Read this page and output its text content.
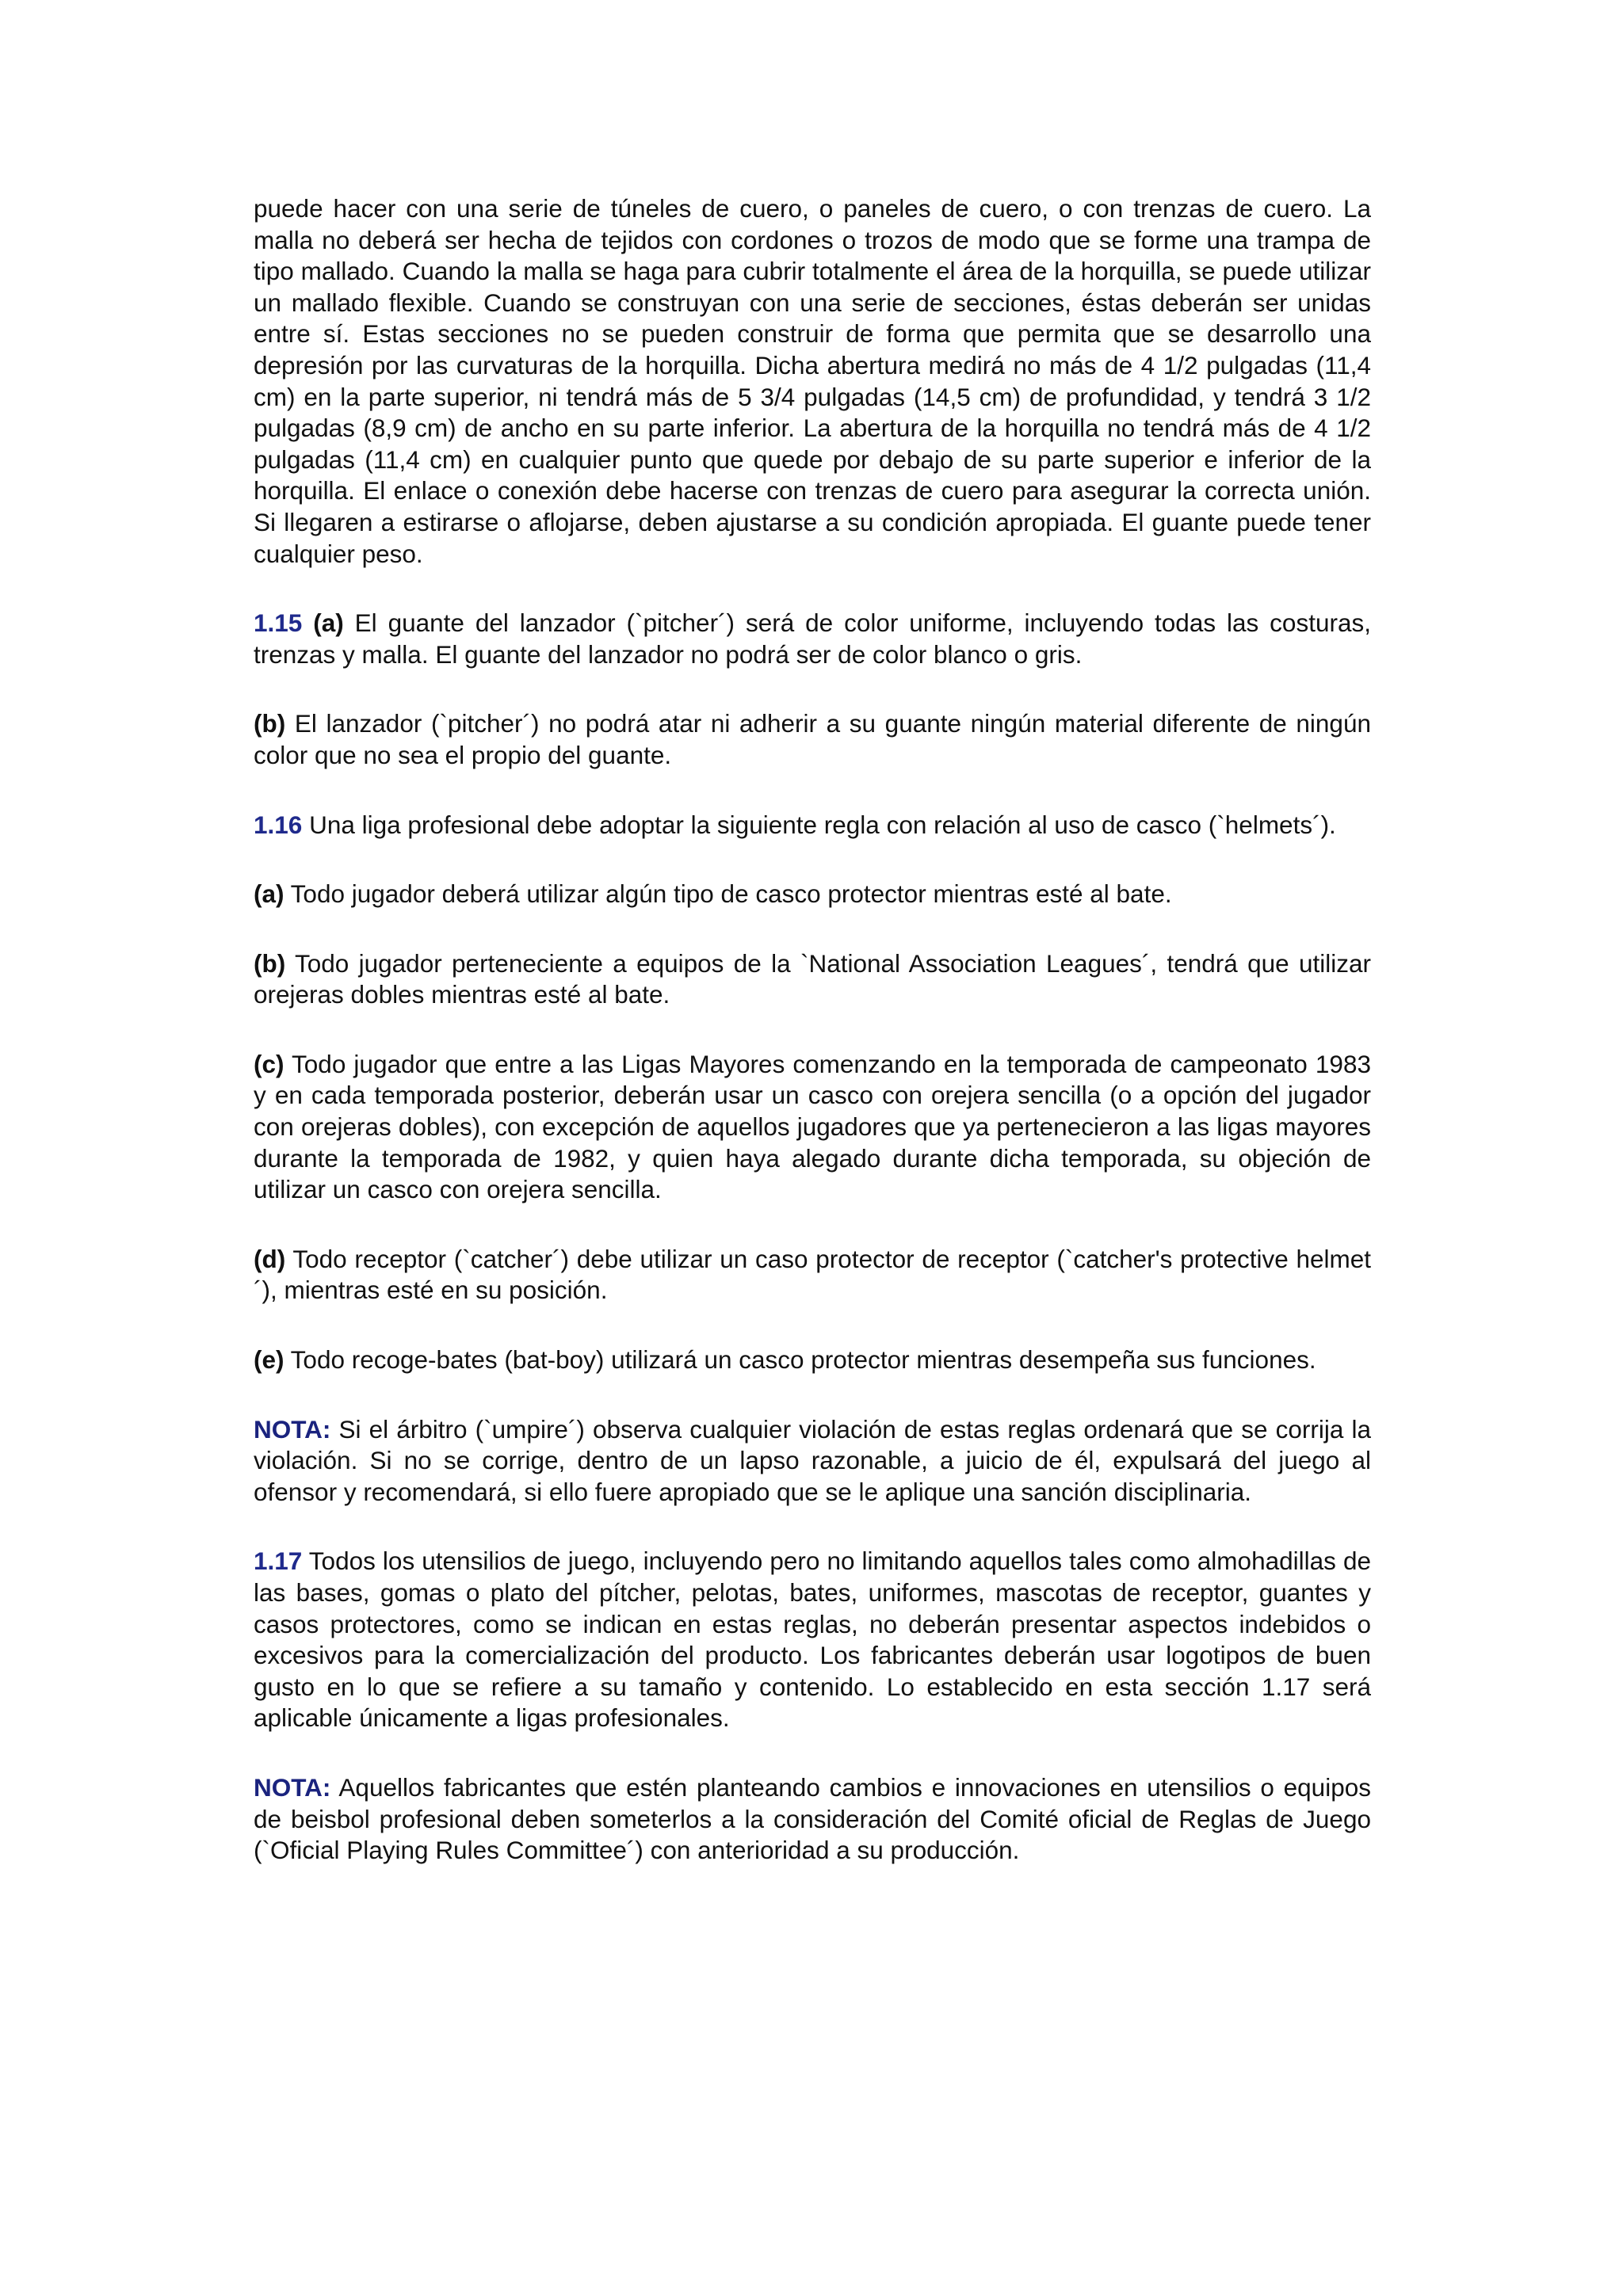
puede hacer con una serie de túneles de cuero, o paneles de cuero, o con trenzas de cuero. La malla no deberá ser hecha de tejidos con cordones o trozos de modo que se forme una trampa de tipo mallado. Cuando la malla se haga para cubrir totalmente el área de la horquilla, se puede utilizar un mallado flexible. Cuando se construyan con una serie de secciones, éstas deberán ser unidas entre sí. Estas secciones no se pueden construir de forma que permita que se desarrollo una depresión por las curvaturas de la horquilla. Dicha abertura medirá no más de 4 1/2 pulgadas (11,4 cm) en la parte superior, ni tendrá más de 5 3/4 pulgadas (14,5 cm) de profundidad, y tendrá 3 1/2 pulgadas (8,9 cm) de ancho en su parte inferior. La abertura de la horquilla no tendrá más de 4 1/2 pulgadas (11,4 cm) en cualquier punto que quede por debajo de su parte superior e inferior de la horquilla. El enlace o conexión debe hacerse con trenzas de cuero para asegurar la correcta unión. Si llegaren a estirarse o aflojarse, deben ajustarse a su condición apropiada. El guante puede tener cualquier peso.

1.15 (a) El guante del lanzador (`pitcher´) será de color uniforme, incluyendo todas las costuras, trenzas y malla. El guante del lanzador no podrá ser de color blanco o gris.

(b) El lanzador (`pitcher´) no podrá atar ni adherir a su guante ningún material diferente de ningún color que no sea el propio del guante.

1.16 Una liga profesional debe adoptar la siguiente regla con relación al uso de casco (`helmets´).

(a) Todo jugador deberá utilizar algún tipo de casco protector mientras esté al bate.

(b) Todo jugador perteneciente a equipos de la `National Association Leagues´, tendrá que utilizar orejeras dobles mientras esté al bate.

(c) Todo jugador que entre a las Ligas Mayores comenzando en la temporada de campeonato 1983 y en cada temporada posterior, deberán usar un casco con orejera sencilla (o a opción del jugador con orejeras dobles), con excepción de aquellos jugadores que ya pertenecieron a las ligas mayores durante la temporada de 1982, y quien haya alegado durante dicha temporada, su objeción de utilizar un casco con orejera sencilla.

(d) Todo receptor (`catcher´) debe utilizar un caso protector de receptor (`catcher's protective helmet´), mientras esté en su posición.

(e) Todo recoge-bates (bat-boy) utilizará un casco protector mientras desempeña sus funciones.

NOTA: Si el árbitro (`umpire´) observa cualquier violación de estas reglas ordenará que se corrija la violación. Si no se corrige, dentro de un lapso razonable, a juicio de él, expulsará del juego al ofensor y recomendará, si ello fuere apropiado que se le aplique una sanción disciplinaria.

1.17 Todos los utensilios de juego, incluyendo pero no limitando aquellos tales como almohadillas de las bases, gomas o plato del pítcher, pelotas, bates, uniformes, mascotas de receptor, guantes y casos protectores, como se indican en estas reglas, no deberán presentar aspectos indebidos o excesivos para la comercialización del producto. Los fabricantes deberán usar logotipos de buen gusto en lo que se refiere a su tamaño y contenido. Lo establecido en esta sección 1.17 será aplicable únicamente a ligas profesionales.

NOTA: Aquellos fabricantes que estén planteando cambios e innovaciones en utensilios o equipos de beisbol profesional deben someterlos a la consideración del Comité oficial de Reglas de Juego (`Oficial Playing Rules Committee´) con anterioridad a su producción.
